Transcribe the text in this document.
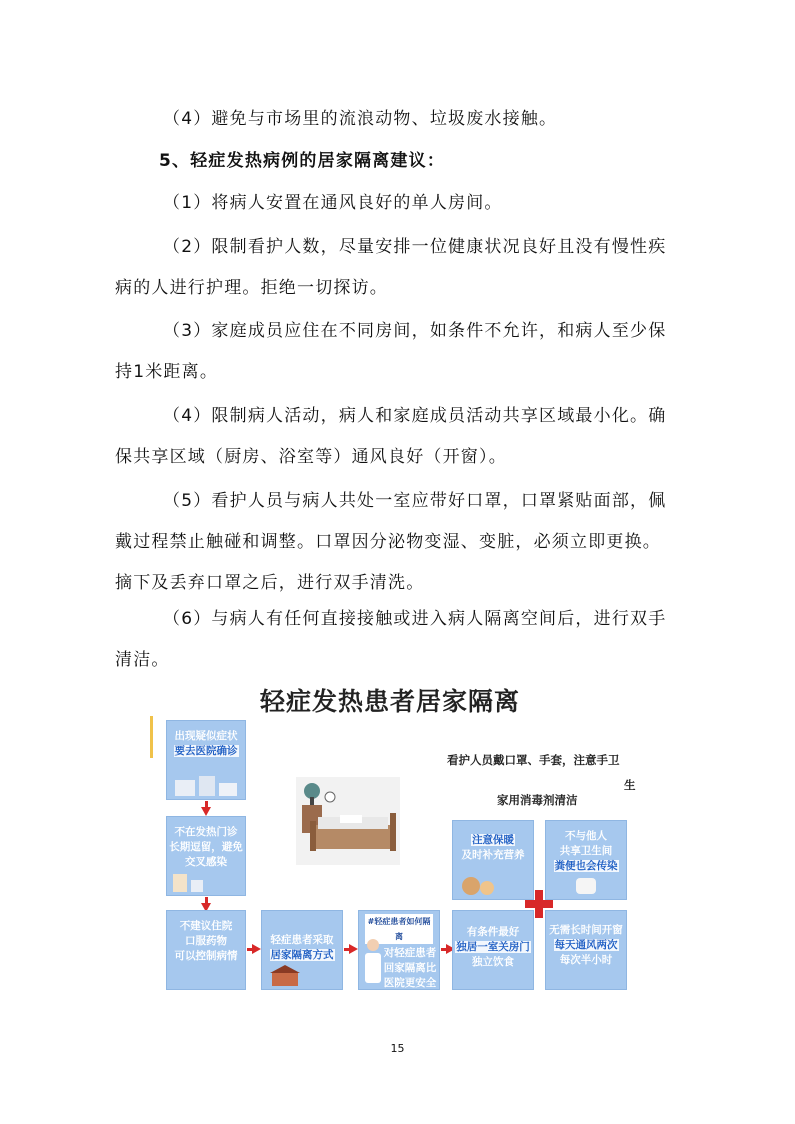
（4）避免与市场里的流浪动物、垃圾废水接触。
5、轻症发热病例的居家隔离建议：
（1）将病人安置在通风良好的单人房间。
（2）限制看护人数，尽量安排一位健康状况良好且没有慢性疾
病的人进行护理。拒绝一切探访。
（3）家庭成员应住在不同房间，如条件不允许，和病人至少保
持1米距离。
（4）限制病人活动，病人和家庭成员活动共享区域最小化。确
保共享区域（厨房、浴室等）通风良好（开窗）。
（5）看护人员与病人共处一室应带好口罩，口罩紧贴面部，佩
戴过程禁止触碰和调整。口罩因分泌物变湿、变脏，必须立即更换。
摘下及丢弃口罩之后，进行双手清洗。
（6）与病人有任何直接接触或进入病人隔离空间后，进行双手
清洁。
轻症发热患者居家隔离
出现疑似症状
要去医院确诊
不在发热门诊
长期逗留，避免
交叉感染
不建议住院
口服药物
可以控制病情
轻症患者采取
居家隔离方式
#轻症患者如何隔离
对轻症患者
回家隔离比
医院更安全
看护人员戴口罩、手套，注意手卫
生
家用消毒剂清洁
注意保暖
及时补充营养
不与他人
共享卫生间
粪便也会传染
有条件最好
独居一室关房门
独立饮食
无需长时间开窗
每天通风两次
每次半小时
15
